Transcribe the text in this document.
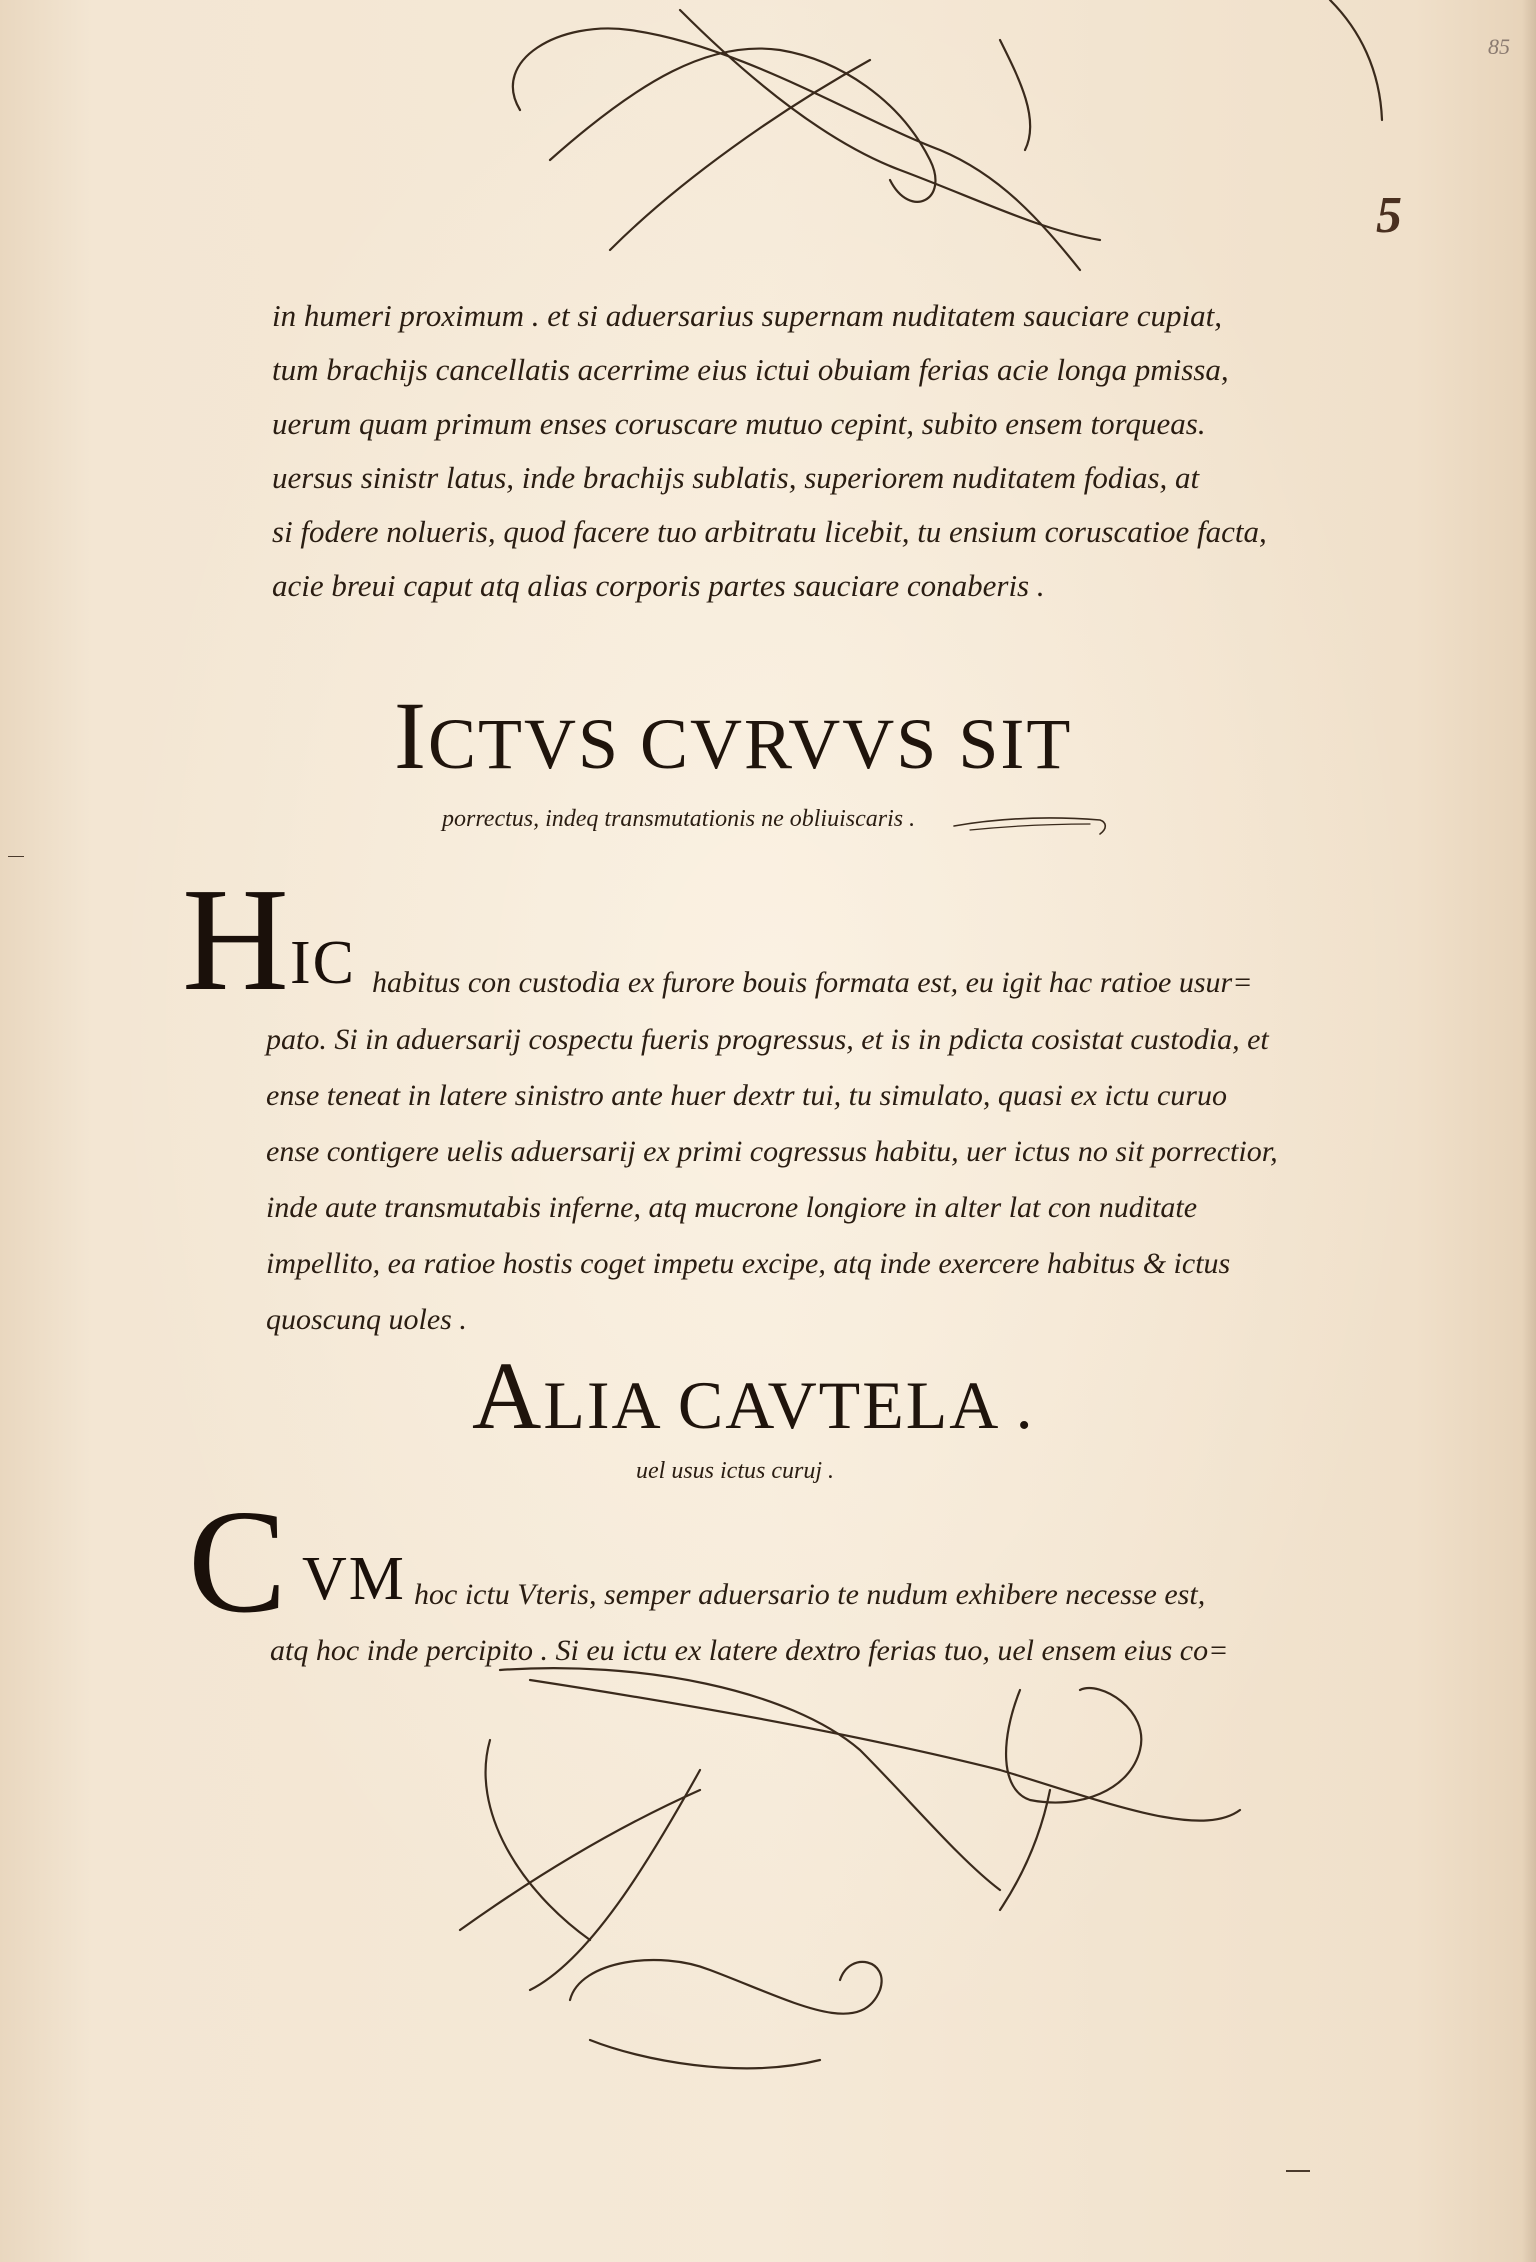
85
5
in humeri proximum . et si aduersarius supernam nuditatem sauciare cupiat,
tum brachijs cancellatis acerrime eius ictui obuiam ferias acie longa pmissa,
uerum quam primum enses coruscare mutuo cepint, subito ensem torqueas.
uersus sinistr latus, inde brachijs sublatis, superiorem nuditatem fodias, at
si fodere nolueris, quod facere tuo arbitratu licebit, tu ensium coruscatioe facta,
acie breui caput atq alias corporis partes sauciare conaberis .
ICTVS CVRVVS SIT
porrectus, indeq transmutationis ne obliuiscaris .
H IC habitus con custodia ex furore bouis formata est, eu igit hac ratioe usur=
pato. Si in aduersarij cospectu fueris progressus, et is in pdicta cosistat custodia, et
ense teneat in latere sinistro ante huer dextr tui, tu simulato, quasi ex ictu curuo
ense contigere uelis aduersarij ex primi cogressus habitu, uer ictus no sit porrectior,
inde aute transmutabis inferne, atq mucrone longiore in alter lat con nuditate
impellito, ea ratioe hostis coget impetu excipe, atq inde exercere habitus & ictus
quoscunq uoles .
ALIA CAVTELA .
uel usus ictus curuj .
C VM hoc ictu Vteris, semper aduersario te nudum exhibere necesse est,
atq hoc inde percipito . Si eu ictu ex latere dextro ferias tuo, uel ensem eius co=
